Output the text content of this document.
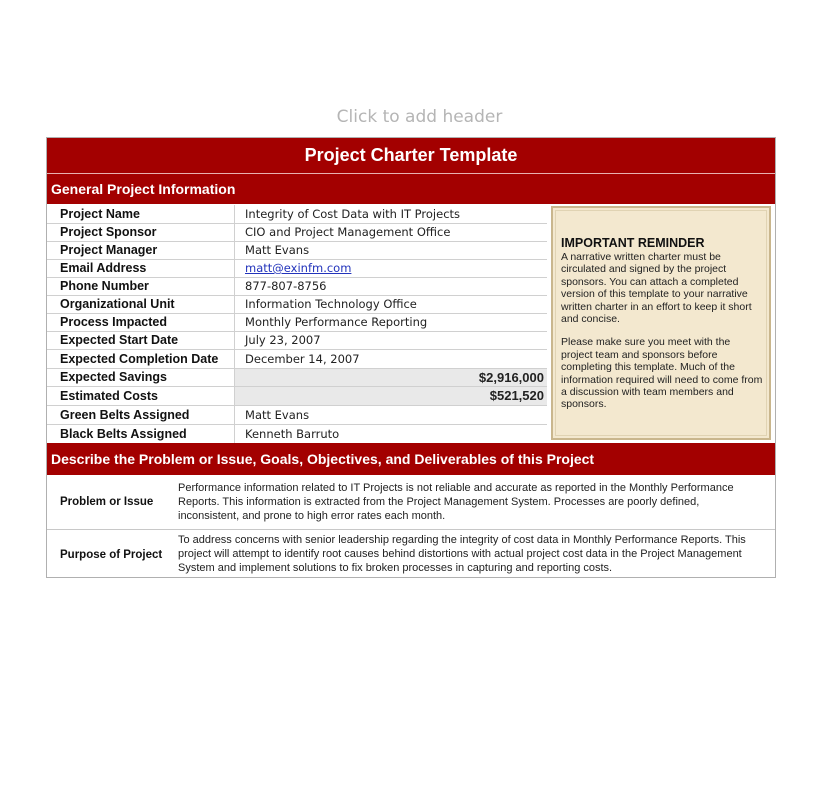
Click to add header
Project Charter Template
General Project Information
Project Name	Integrity of Cost Data with IT Projects
Project Sponsor	CIO and Project Management Office
Project Manager	Matt Evans
Email Address	matt@exinfm.com
Phone Number	877-807-8756
Organizational Unit	Information Technology Office
Process Impacted	Monthly Performance Reporting
Expected Start Date	July 23, 2007
Expected Completion Date	December 14, 2007
Expected Savings	$2,916,000
Estimated Costs	$521,520
Green Belts Assigned	Matt Evans
Black Belts Assigned	Kenneth Barruto
IMPORTANT REMINDER

A narrative written charter must be circulated and signed by the project sponsors. You can attach a completed version of this template to your narrative written charter in an effort to keep it short and concise.

Please make sure you meet with the project team and sponsors before completing this template. Much of the information required will need to come from a discussion with team members and sponsors.

Describe the Problem or Issue, Goals, Objectives, and Deliverables of this Project
Problem or Issue
Performance information related to IT Projects is not reliable and accurate as reported in the Monthly Performance Reports. This information is extracted from the Project Management System. Processes are poorly defined, inconsistent, and prone to high error rates each month.
Purpose of Project
To address concerns with senior leadership regarding the integrity of cost data in Monthly Performance Reports. This project will attempt to identify root causes behind distortions with actual project cost data in the Project Management System and implement solutions to fix broken processes in capturing and reporting costs.
